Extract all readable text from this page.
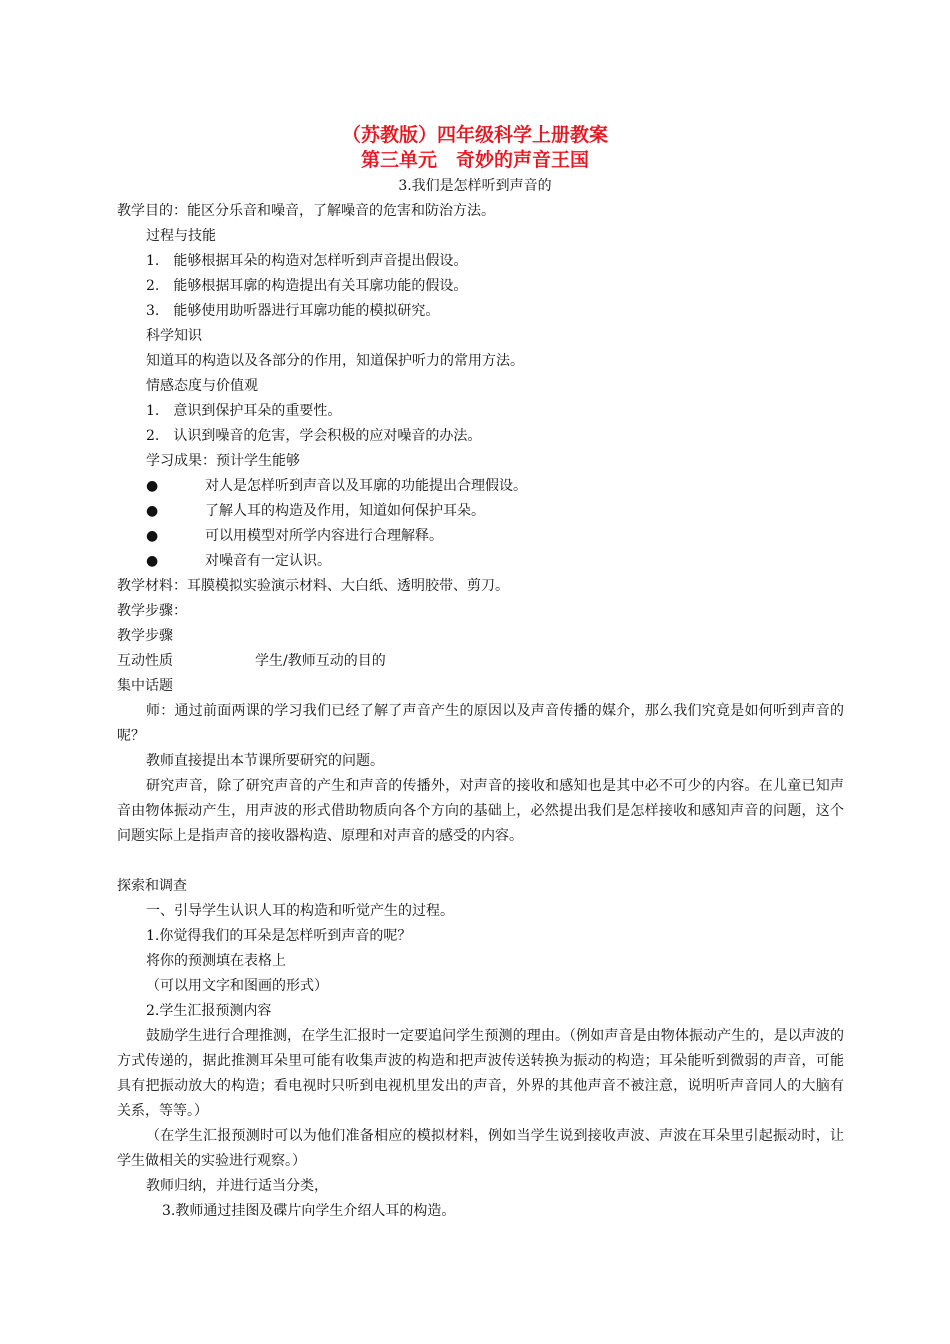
（苏教版）四年级科学上册教案
第三单元　奇妙的声音王国

3.我们是怎样听到声音的

教学目的：能区分乐音和噪音，了解噪音的危害和防治方法。

过程与技能

1.　能够根据耳朵的构造对怎样听到声音提出假设。

2.　能够根据耳廓的构造提出有关耳廓功能的假设。

3.　能够使用助听器进行耳廓功能的模拟研究。

科学知识

知道耳的构造以及各部分的作用，知道保护听力的常用方法。

情感态度与价值观

1.　意识到保护耳朵的重要性。

2.　认识到噪音的危害，学会积极的应对噪音的办法。

学习成果：预计学生能够

●	对人是怎样听到声音以及耳廓的功能提出合理假设。
●	了解人耳的构造及作用，知道如何保护耳朵。
●	可以用模型对所学内容进行合理解释。
●	对噪音有一定认识。

教学材料：耳膜模拟实验演示材料、大白纸、透明胶带、剪刀。

教学步骤：

教学步骤

互动性质	学生/教师互动的目的

集中话题

师：通过前面两课的学习我们已经了解了声音产生的原因以及声音传播的媒介，那么我们究竟是如何听到声音的呢？

教师直接提出本节课所要研究的问题。

研究声音，除了研究声音的产生和声音的传播外，对声音的接收和感知也是其中必不可少的内容。在儿童已知声音由物体振动产生，用声波的形式借助物质向各个方向的基础上，必然提出我们是怎样接收和感知声音的问题，这个问题实际上是指声音的接收器构造、原理和对声音的感受的内容。

探索和调查

一、引导学生认识人耳的构造和听觉产生的过程。

1.你觉得我们的耳朵是怎样听到声音的呢？

将你的预测填在表格上

（可以用文字和图画的形式）

2.学生汇报预测内容

鼓励学生进行合理推测，在学生汇报时一定要追问学生预测的理由。（例如声音是由物体振动产生的，是以声波的方式传递的，据此推测耳朵里可能有收集声波的构造和把声波传送转换为振动的构造；耳朵能听到微弱的声音，可能具有把振动放大的构造；看电视时只听到电视机里发出的声音，外界的其他声音不被注意，说明听声音同人的大脑有关系，等等。）

（在学生汇报预测时可以为他们准备相应的模拟材料，例如当学生说到接收声波、声波在耳朵里引起振动时，让学生做相关的实验进行观察。）

教师归纳，并进行适当分类，

3.教师通过挂图及碟片向学生介绍人耳的构造。
